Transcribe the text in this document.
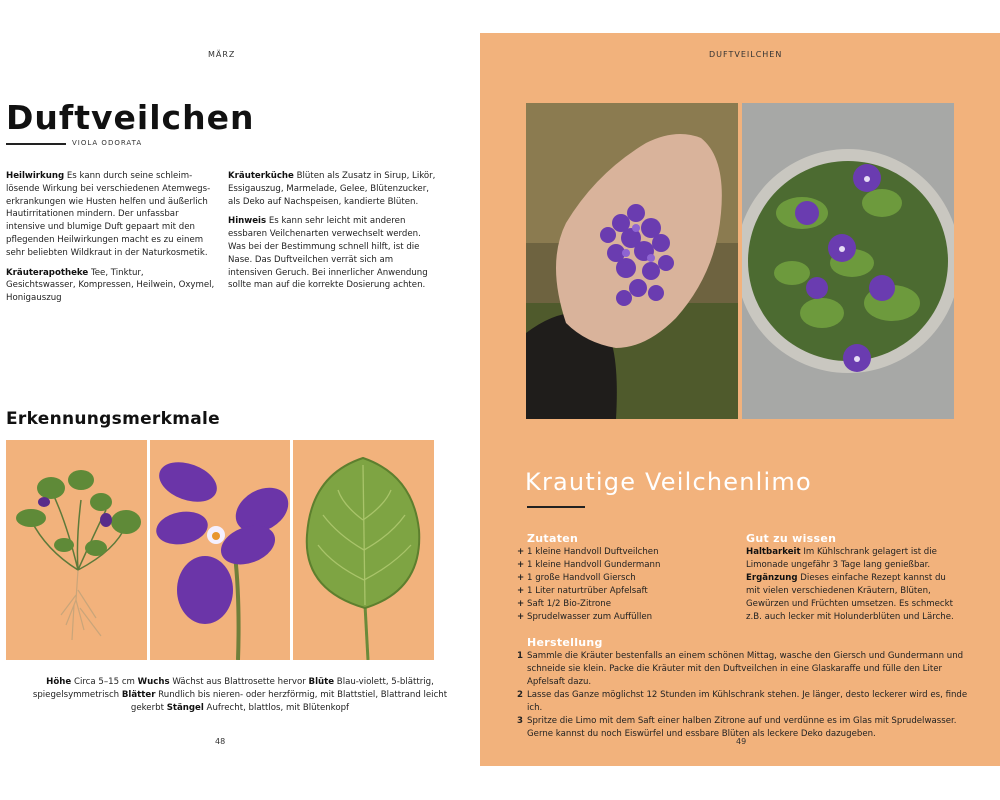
MÄRZ
Duftveilchen
VIOLA ODORATA

Heilwirkung Es kann durch seine schleimlösende Wirkung bei verschiedenen Atemwegserkrankungen wie Husten helfen und äußerlich Hautirritationen mindern. Der unfassbar intensive und blumige Duft gepaart mit den pflegenden Heilwirkungen macht es zu einem sehr beliebten Wildkraut in der Naturkosmetik.

Kräuterapotheke Tee, Tinktur, Gesichtswasser, Kompressen, Heilwein, Oxymel, Honigauszug

Kräuterküche Blüten als Zusatz in Sirup, Likör, Essigauszug, Marmelade, Gelee, Blütenzucker, als Deko auf Nachspeisen, kandierte Blüten.

Hinweis Es kann sehr leicht mit anderen essbaren Veilchenarten verwechselt werden. Was bei der Bestimmung schnell hilft, ist die Nase. Das Duftveilchen verrät sich am intensiven Geruch. Bei innerlicher Anwendung sollte man auf die korrekte Dosierung achten.

Erkennungsmerkmale
Höhe Circa 5–15 cm Wuchs Wächst aus Blattrosette hervor Blüte Blau-violett, 5-blättrig, spiegelsymmetrisch Blätter Rundlich bis nieren- oder herzförmig, mit Blattstiel, Blattrand leicht gekerbt Stängel Aufrecht, blattlos, mit Blütenkopf
48
DUFTVEILCHEN
Krautige Veilchenlimo
Zutaten
+ 1 kleine Handvoll Duftveilchen
+ 1 kleine Handvoll Gundermann
+ 1 große Handvoll Giersch
+ 1 Liter naturtrüber Apfelsaft
+ Saft 1/2 Bio-Zitrone
+ Sprudelwasser zum Auffüllen
Gut zu wissen
Haltbarkeit Im Kühlschrank gelagert ist die Limonade ungefähr 3 Tage lang genießbar.
Ergänzung Dieses einfache Rezept kannst du mit vielen verschiedenen Kräutern, Blüten, Gewürzen und Früchten umsetzen. Es schmeckt z.B. auch lecker mit Holunderblüten und Lärche.
Herstellung
1 Sammle die Kräuter bestenfalls an einem schönen Mittag, wasche den Giersch und Gundermann und schneide sie klein. Packe die Kräuter mit den Duftveilchen in eine Glaskaraffe und fülle den Liter Apfelsaft dazu.
2 Lasse das Ganze möglichst 12 Stunden im Kühlschrank stehen. Je länger, desto leckerer wird es, finde ich.
3 Spritze die Limo mit dem Saft einer halben Zitrone auf und verdünne es im Glas mit Sprudelwasser. Gerne kannst du noch Eiswürfel und essbare Blüten als leckere Deko dazugeben.
49
